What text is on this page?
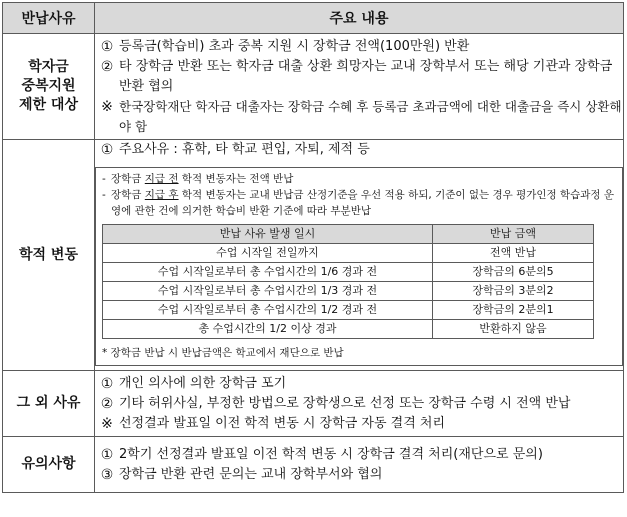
반납사유	주요 내용

학자금
중복지원
제한 대상

① 등록금(학습비) 초과 중복 지원 시 장학금 전액(100만원) 반환
② 타 장학금 반환 또는 학자금 대출 상환 희망자는 교내 장학부서 또는 해당 기관과 장학금 반환 협의
※ 한국장학재단 학자금 대출자는 장학금 수혜 후 등록금 초과금액에 대한 대출금을 즉시 상환해야 함

학적 변동	
① 주요사유 : 휴학, 타 학교 편입, 자퇴, 제적 등
- 장학금 지급 전 학적 변동자는 전액 반납
- 장학금 지급 후 학적 변동자는 교내 반납금 산정기준을 우선 적용 하되, 기준이 없는 경우 평가인정 학습과정 운영에 관한 건에 의거한 학습비 반환 기준에 따라 부분반납
반납 사유 발생 일시	반납 금액
수업 시작일 전일까지	전액 반납
수업 시작일로부터 총 수업시간의 1/6 경과 전	장학금의 6분의5
수업 시작일로부터 총 수업시간의 1/3 경과 전	장학금의 3분의2
수업 시작일로부터 총 수업시간의 1/2 경과 전	장학금의 2분의1
총 수업시간의 1/2 이상 경과	반환하지 않음
* 장학금 반납 시 반납금액은 학교에서 재단으로 반납

그 외 사유	
① 개인 의사에 의한 장학금 포기
② 기타 허위사실, 부정한 방법으로 장학생으로 선정 또는 장학금 수령 시 전액 반납
※ 선정결과 발표일 이전 학적 변동 시 장학금 자동 결격 처리

유의사항	
① 2학기 선정결과 발표일 이전 학적 변동 시 장학금 결격 처리(재단으로 문의)
③ 장학금 반환 관련 문의는 교내 장학부서와 협의
